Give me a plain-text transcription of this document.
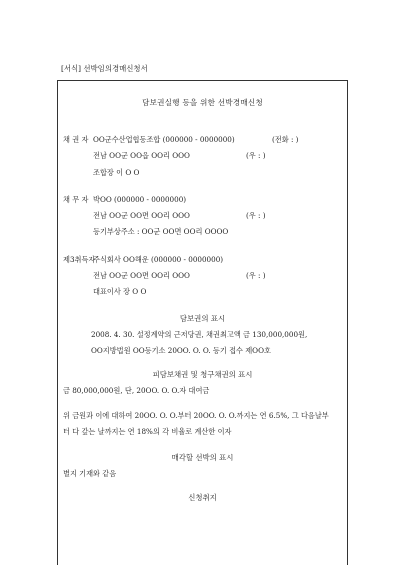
[서식] 선박임의경매신청서
담보권실행 등을 위한 선박경매신청
채 권 자 OO군수산업협동조합 (000000 - 0000000)	(전화 : )
전남 OO군 OO읍 OO리 OOO	(우 : )
조합장 이 O O
채 무 자 박OO (000000 - 0000000)
전남 OO군 OO면 OO리 OOO	(우 : )
등기부상주소 : OO군 OO면 OO리 OOOO
제3취득자
주식회사 OO해운 (000000 - 0000000)
전남 OO군 OO면 OO리 OOO	(우 : )
대표이사 장 O O
담보권의 표시
2008. 4. 30. 설정계약의 근저당권, 채권최고액 금 130,000,000원,
OO지방법원 OO등기소 20OO. O. O. 등기 접수 제OO호
피담보채권 및 청구채권의 표시
금 80,000,000원, 단, 20OO. O. O.자 대여금
위 금원과 이에 대하여 20OO. O. O.부터 20OO. O. O.까지는 연 6.5%, 그 다음날부
터 다 갚는 날까지는 연 18%의 각 비율로 계산한 이자
매각할 선박의 표시
별지 기재와 같음
신청취지
